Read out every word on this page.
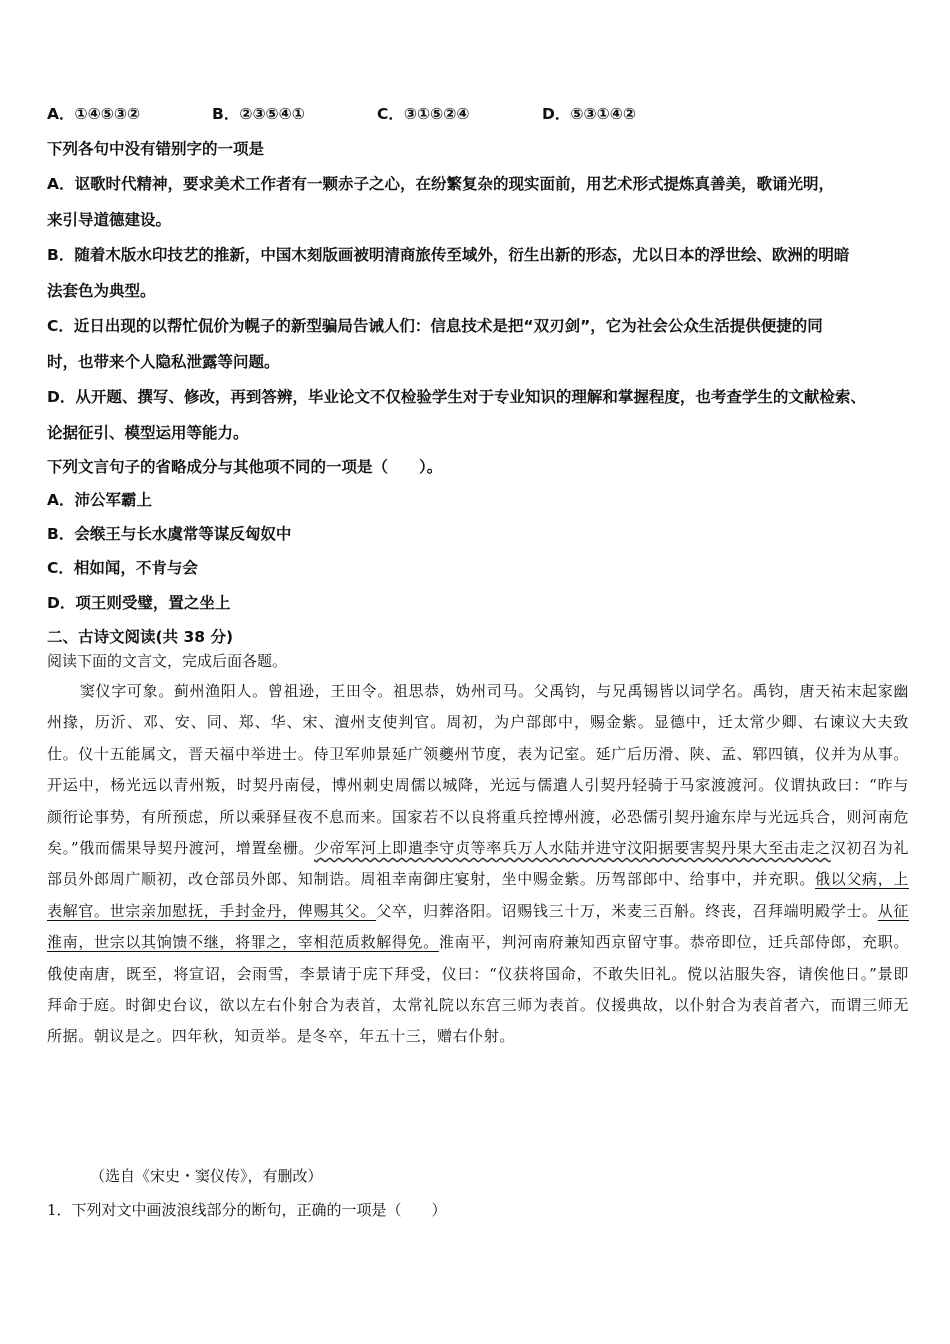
A．①④⑤③②	B．②③⑤④①	C．③①⑤②④	D．⑤③①④②
下列各句中没有错别字的一项是
A．讴歌时代精神，要求美术工作者有一颗赤子之心，在纷繁复杂的现实面前，用艺术形式提炼真善美，歌诵光明，
来引导道德建设。
B．随着木版水印技艺的推新，中国木刻版画被明清商旅传至域外，衍生出新的形态，尤以日本的浮世绘、欧洲的明暗
法套色为典型。
C．近日出现的以帮忙侃价为幌子的新型骗局告诫人们：信息技术是把“双刃剑”，它为社会公众生活提供便捷的同
时，也带来个人隐私泄露等问题。
D．从开题、撰写、修改，再到答辨，毕业论文不仅检验学生对于专业知识的理解和掌握程度，也考查学生的文献检索、
论据征引、模型运用等能力。
下列文言句子的省略成分与其他项不同的一项是（　　）。
A．沛公军霸上
B．会缑王与长水虞常等谋反匈奴中
C．相如闻，不肯与会
D．项王则受璧，置之坐上
二、古诗文阅读(共 38 分)
阅读下面的文言文，完成后面各题。

窦仪字可象。蓟州渔阳人。曾祖逊，王田令。祖思恭，妫州司马。父禹钧，与兄禹锡皆以词学名。禹钧，唐天祐末起家幽州掾，历沂、邓、安、同、郑、华、宋、澶州支使判官。周初，为户部郎中，赐金紫。显德中，迁太常少卿、右谏议大夫致仕。仪十五能属文，晋天福中举进士。侍卫军帅景延广领夔州节度，表为记室。延广后历滑、陕、孟、郓四镇，仪并为从事。开运中，杨光远以青州叛，时契丹南侵，博州刺史周儒以城降，光远与儒遣人引契丹轻骑于马家渡渡河。仪谓执政曰：“昨与颜衎论事势，有所预虑，所以乘驿昼夜不息而来。国家若不以良将重兵控博州渡，必恐儒引契丹逾东岸与光远兵合，则河南危矣。”俄而儒果导契丹渡河，增置垒栅。少帝军河上即遣李守贞等率兵万人水陆并进守汶阳据要害契丹果大至击走之汉初召为礼部员外郎周广顺初，改仓部员外郎、知制诰。周祖幸南御庄宴射，坐中赐金紫。历驾部郎中、给事中，并充职。俄以父病，上表解官。世宗亲加慰抚，手封金丹，俾赐其父。父卒，归葬洛阳。诏赐钱三十万，米麦三百斛。终丧，召拜端明殿学士。从征淮南，世宗以其饷馈不继，将罪之，宰相范质救解得免。淮南平，判河南府兼知西京留守事。恭帝即位，迁兵部侍郎，充职。俄使南唐，既至，将宣诏，会雨雪，李景请于庑下拜受，仪曰：“仪获将国命，不敢失旧礼。傥以沾服失容，请俟他日。”景即拜命于庭。时御史台议，欲以左右仆射合为表首，太常礼院以东宫三师为表首。仪援典故，以仆射合为表首者六，而谓三师无所据。朝议是之。四年秋，知贡举。是冬卒，年五十三，赠右仆射。

（选自《宋史・窦仪传》，有删改）
1．下列对文中画波浪线部分的断句，正确的一项是（　　）
